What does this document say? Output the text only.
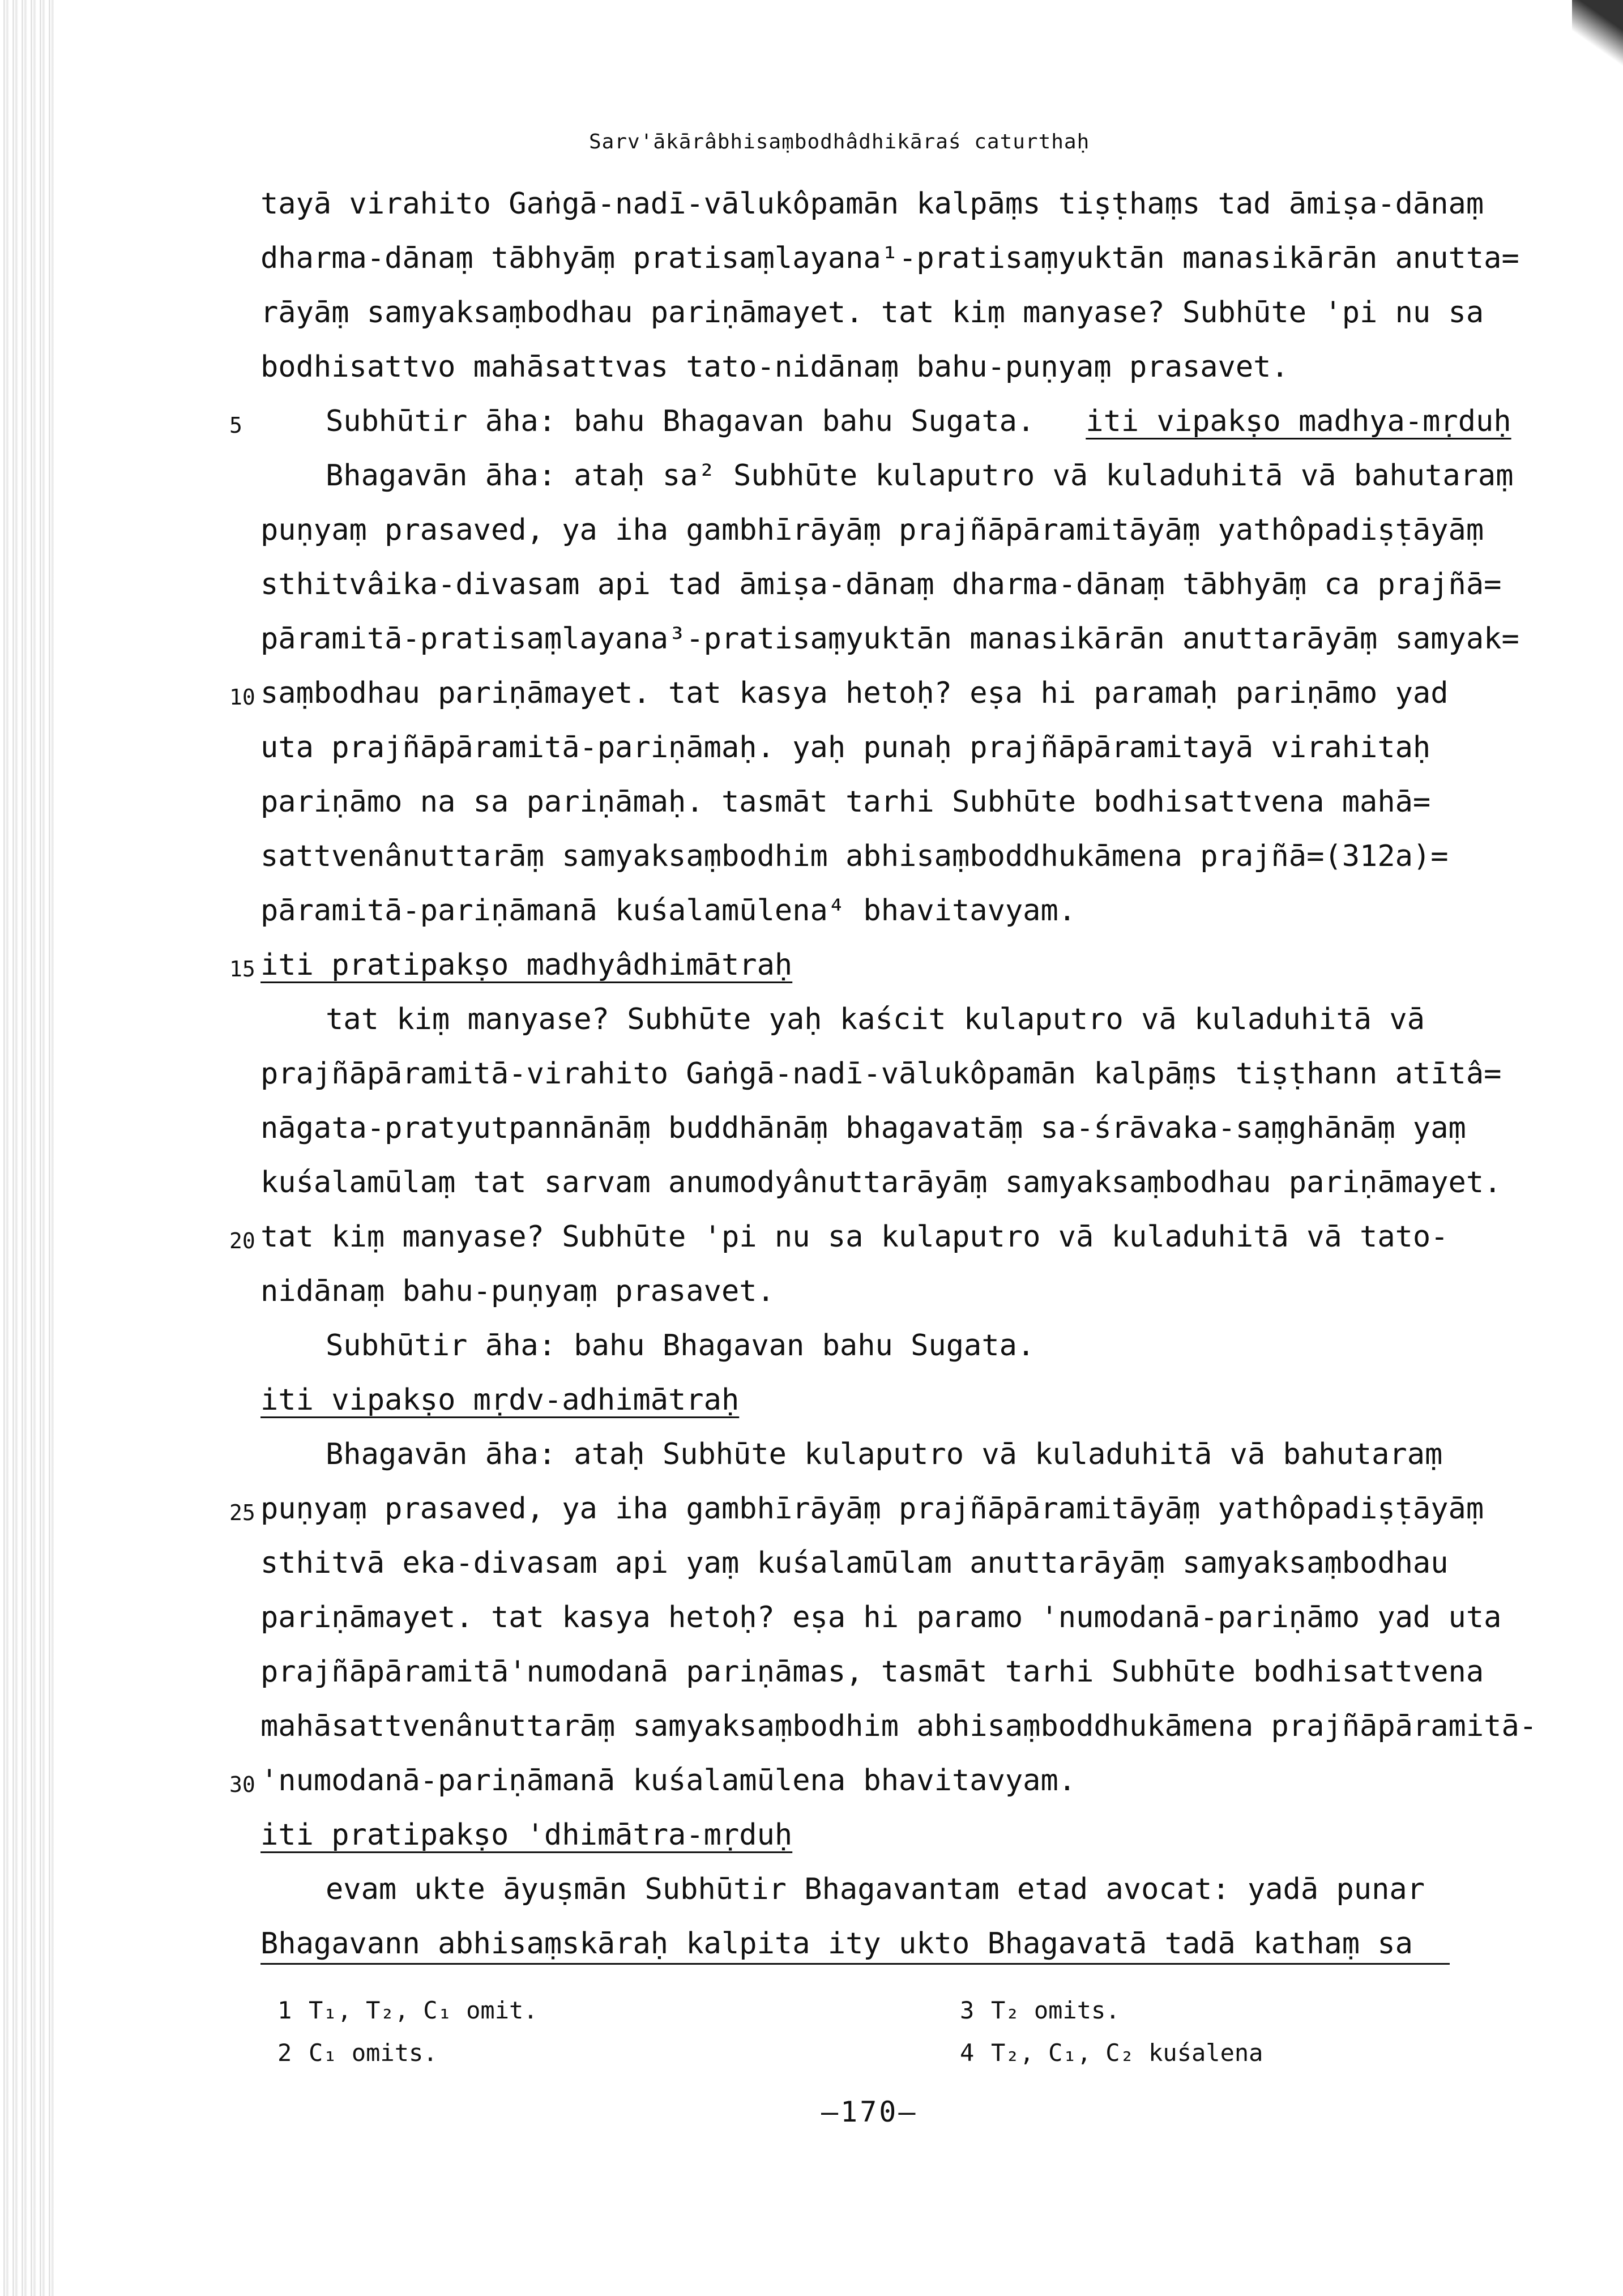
Sarv'ākārâbhisaṃbodhâdhikāraś caturthaḥ
tayā virahito Gaṅgā-nadī-vālukôpamān kalpāṃs tiṣṭhaṃs tad āmiṣa-dānaṃ
dharma-dānaṃ tābhyāṃ pratisaṃlayana¹-pratisaṃyuktān manasikārān anutta=
rāyāṃ samyaksaṃbodhau pariṇāmayet. tat kiṃ manyase? Subhūte 'pi nu sa
bodhisattvo mahāsattvas tato-nidānaṃ bahu-puṇyaṃ prasavet.
Subhūtir āha: bahu Bhagavan bahu Sugata. iti vipakṣo madhya-mṛduḥ
5
Bhagavān āha: ataḥ sa² Subhūte kulaputro vā kuladuhitā vā bahutaraṃ
puṇyaṃ prasaved, ya iha gambhīrāyāṃ prajñāpāramitāyāṃ yathôpadiṣṭāyāṃ
sthitvâika-divasam api tad āmiṣa-dānaṃ dharma-dānaṃ tābhyāṃ ca prajñā=
pāramitā-pratisaṃlayana³-pratisaṃyuktān manasikārān anuttarāyāṃ samyak=
saṃbodhau pariṇāmayet. tat kasya hetoḥ? eṣa hi paramaḥ pariṇāmo yad
10
uta prajñāpāramitā-pariṇāmaḥ. yaḥ punaḥ prajñāpāramitayā virahitaḥ
pariṇāmo na sa pariṇāmaḥ. tasmāt tarhi Subhūte bodhisattvena mahā=
sattvenânuttarāṃ samyaksaṃbodhim abhisaṃboddhukāmena prajñā=(312a)=
pāramitā-pariṇāmanā kuśalamūlena⁴ bhavitavyam.
iti pratipakṣo madhyâdhimātraḥ
15
tat kiṃ manyase? Subhūte yaḥ kaścit kulaputro vā kuladuhitā vā
prajñāpāramitā-virahito Gaṅgā-nadī-vālukôpamān kalpāṃs tiṣṭhann atītâ=
nāgata-pratyutpannānāṃ buddhānāṃ bhagavatāṃ sa-śrāvaka-saṃghānāṃ yaṃ
kuśalamūlaṃ tat sarvam anumodyânuttarāyāṃ samyaksaṃbodhau pariṇāmayet.
tat kiṃ manyase? Subhūte 'pi nu sa kulaputro vā kuladuhitā vā tato-
20
nidānaṃ bahu-puṇyaṃ prasavet.
Subhūtir āha: bahu Bhagavan bahu Sugata.
iti vipakṣo mṛdv-adhimātraḥ
Bhagavān āha: ataḥ Subhūte kulaputro vā kuladuhitā vā bahutaraṃ
puṇyaṃ prasaved, ya iha gambhīrāyāṃ prajñāpāramitāyāṃ yathôpadiṣṭāyāṃ
25
sthitvā eka-divasam api yaṃ kuśalamūlam anuttarāyāṃ samyaksaṃbodhau
pariṇāmayet. tat kasya hetoḥ? eṣa hi paramo 'numodanā-pariṇāmo yad uta
prajñāpāramitā'numodanā pariṇāmas, tasmāt tarhi Subhūte bodhisattvena
mahāsattvenânuttarāṃ samyaksaṃbodhim abhisaṃboddhukāmena prajñāpāramitā-
'numodanā-pariṇāmanā kuśalamūlena bhavitavyam.
30
iti pratipakṣo 'dhimātra-mṛduḥ
evam ukte āyuṣmān Subhūtir Bhagavantam etad avocat: yadā punar
Bhagavann abhisaṃskāraḥ kalpita ity ukto Bhagavatā tadā kathaṃ sa
1 T₁, T₂, C₁ omit.
2 C₁ omits.
3 T₂ omits.
4 T₂, C₁, C₂ kuśalena
—170—
